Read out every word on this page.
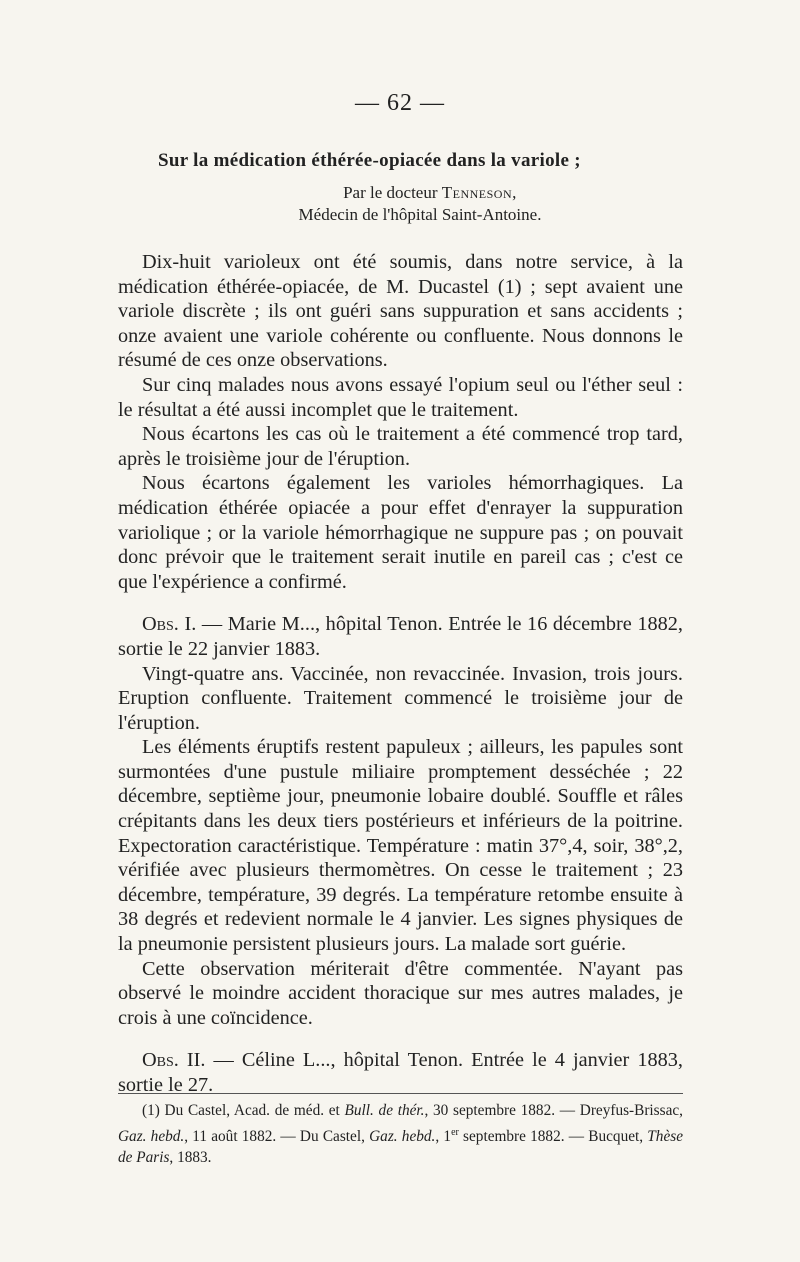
— 62 —
Sur la médication éthérée-opiacée dans la variole ;
Par le docteur Tenneson,
Médecin de l'hôpital Saint-Antoine.

Dix-huit varioleux ont été soumis, dans notre service, à la médication éthérée-opiacée, de M. Ducastel (1) ; sept avaient une variole discrète ; ils ont guéri sans suppuration et sans accidents ; onze avaient une variole cohérente ou confluente. Nous donnons le résumé de ces onze observations.

Sur cinq malades nous avons essayé l'opium seul ou l'éther seul : le résultat a été aussi incomplet que le traitement.

Nous écartons les cas où le traitement a été commencé trop tard, après le troisième jour de l'éruption.

Nous écartons également les varioles hémorrhagiques. La médication éthérée opiacée a pour effet d'enrayer la suppuration variolique ; or la variole hémorrhagique ne suppure pas ; on pouvait donc prévoir que le traitement serait inutile en pareil cas ; c'est ce que l'expérience a confirmé.

Obs. I. — Marie M..., hôpital Tenon. Entrée le 16 décembre 1882, sortie le 22 janvier 1883.

Vingt-quatre ans. Vaccinée, non revaccinée. Invasion, trois jours. Eruption confluente. Traitement commencé le troisième jour de l'éruption.

Les éléments éruptifs restent papuleux ; ailleurs, les papules sont surmontées d'une pustule miliaire promptement desséchée ; 22 décembre, septième jour, pneumonie lobaire doublé. Souffle et râles crépitants dans les deux tiers postérieurs et inférieurs de la poitrine. Expectoration caractéristique. Température : matin 37°,4, soir, 38°,2, vérifiée avec plusieurs thermomètres. On cesse le traitement ; 23 décembre, température, 39 degrés. La température retombe ensuite à 38 degrés et redevient normale le 4 janvier. Les signes physiques de la pneumonie persistent plusieurs jours. La malade sort guérie.

Cette observation mériterait d'être commentée. N'ayant pas observé le moindre accident thoracique sur mes autres malades, je crois à une coïncidence.

Obs. II. — Céline L..., hôpital Tenon. Entrée le 4 janvier 1883, sortie le 27.

(1) Du Castel, Acad. de méd. et Bull. de thér., 30 septembre 1882. — Dreyfus-Brissac, Gaz. hebd., 11 août 1882. — Du Castel, Gaz. hebd., 1er septembre 1882. — Bucquet, Thèse de Paris, 1883.
